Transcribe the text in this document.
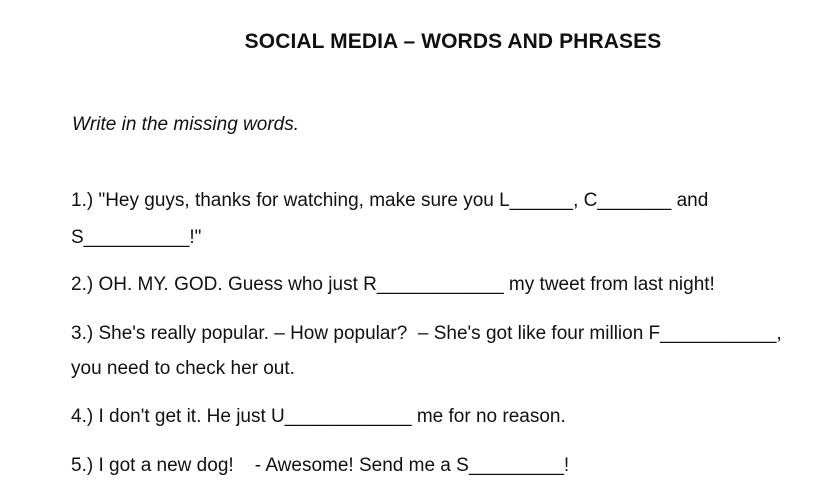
SOCIAL MEDIA – WORDS AND PHRASES
Write in the missing words.
1.) "Hey guys, thanks for watching, make sure you L______, C_______ and
S__________!"
2.) OH. MY. GOD. Guess who just R____________ my tweet from last night!
3.) She's really popular. – How popular?  – She's got like four million F___________,
you need to check her out.
4.) I don't get it. He just U____________ me for no reason.
5.) I got a new dog!    - Awesome! Send me a S_________!
